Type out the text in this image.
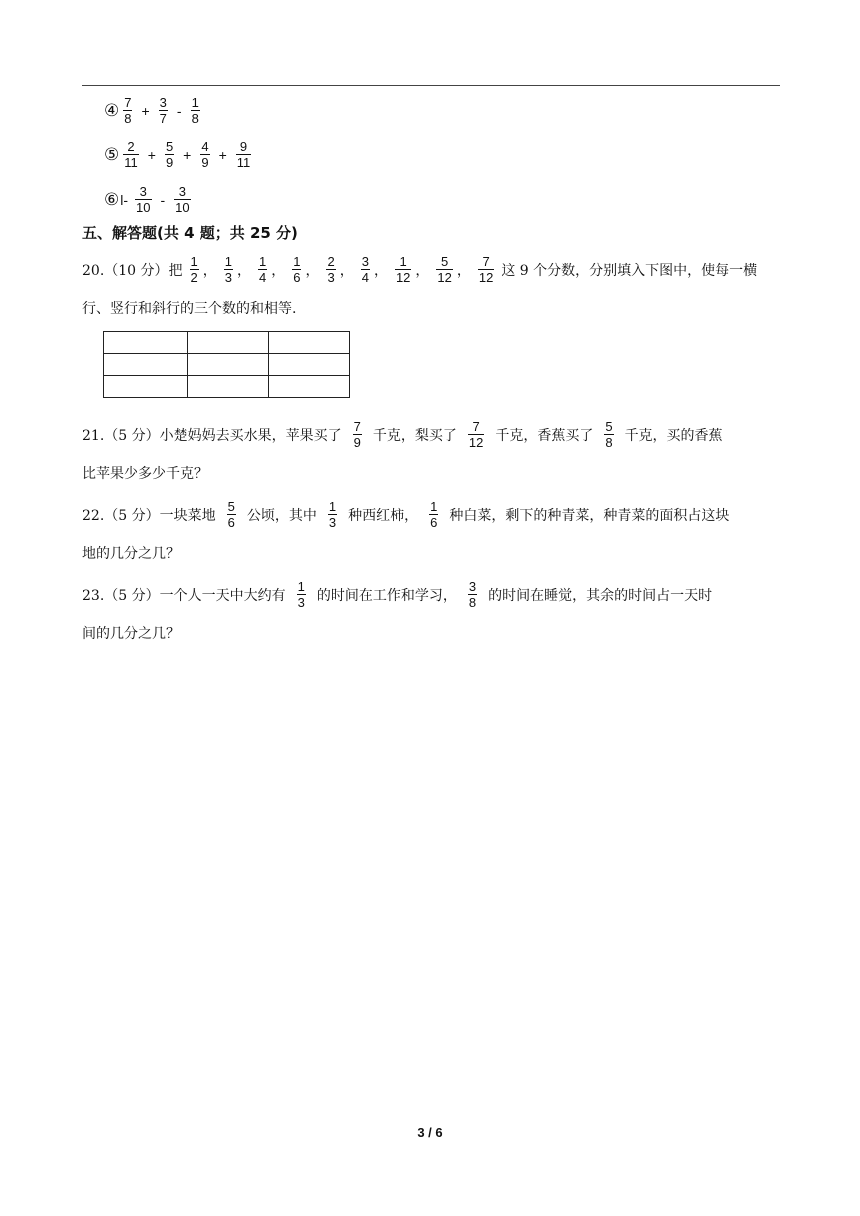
④ $\frac{7}{8} + \frac{3}{7} - \frac{1}{8}$
⑤ $\frac{2}{11} + \frac{5}{9} + \frac{4}{9} + \frac{9}{11}$
⑥ $l- \frac{3}{10} - \frac{3}{10}$
五、解答题(共 4 题；共 25 分)
20.（10 分）把 $\frac{1}{2}$ ， $\frac{1}{3}$ ， $\frac{1}{4}$ ， $\frac{1}{6}$ ， $\frac{2}{3}$ ， $\frac{3}{4}$ ， $\frac{1}{12}$ ， $\frac{5}{12}$ ， $\frac{7}{12}$ 这 9 个分数，分别填入下图中，使每一横
行、竖行和斜行的三个数的和相等.

21.（5 分）小楚妈妈去买水果，苹果买了 $\frac{7}{9}$ 千克，梨买了 $\frac{7}{12}$ 千克，香蕉买了 $\frac{5}{8}$ 千克，买的香蕉
比苹果少多少千克？
22.（5 分）一块菜地 $\frac{5}{6}$ 公顷，其中 $\frac{1}{3}$ 种西红柿， $\frac{1}{6}$ 种白菜，剩下的种青菜，种青菜的面积占这块
地的几分之几？
23.（5 分）一个人一天中大约有 $\frac{1}{3}$ 的时间在工作和学习， $\frac{3}{8}$ 的时间在睡觉，其余的时间占一天时
间的几分之几？
3 / 6
